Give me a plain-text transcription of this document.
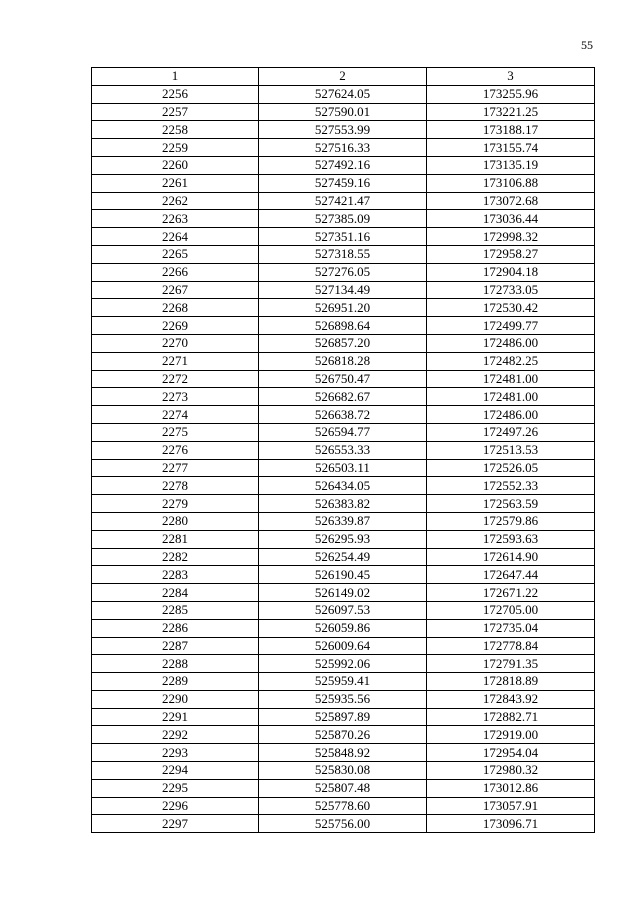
55
1	2	3
2256	527624.05	173255.96
2257	527590.01	173221.25
2258	527553.99	173188.17
2259	527516.33	173155.74
2260	527492.16	173135.19
2261	527459.16	173106.88
2262	527421.47	173072.68
2263	527385.09	173036.44
2264	527351.16	172998.32
2265	527318.55	172958.27
2266	527276.05	172904.18
2267	527134.49	172733.05
2268	526951.20	172530.42
2269	526898.64	172499.77
2270	526857.20	172486.00
2271	526818.28	172482.25
2272	526750.47	172481.00
2273	526682.67	172481.00
2274	526638.72	172486.00
2275	526594.77	172497.26
2276	526553.33	172513.53
2277	526503.11	172526.05
2278	526434.05	172552.33
2279	526383.82	172563.59
2280	526339.87	172579.86
2281	526295.93	172593.63
2282	526254.49	172614.90
2283	526190.45	172647.44
2284	526149.02	172671.22
2285	526097.53	172705.00
2286	526059.86	172735.04
2287	526009.64	172778.84
2288	525992.06	172791.35
2289	525959.41	172818.89
2290	525935.56	172843.92
2291	525897.89	172882.71
2292	525870.26	172919.00
2293	525848.92	172954.04
2294	525830.08	172980.32
2295	525807.48	173012.86
2296	525778.60	173057.91
2297	525756.00	173096.71
